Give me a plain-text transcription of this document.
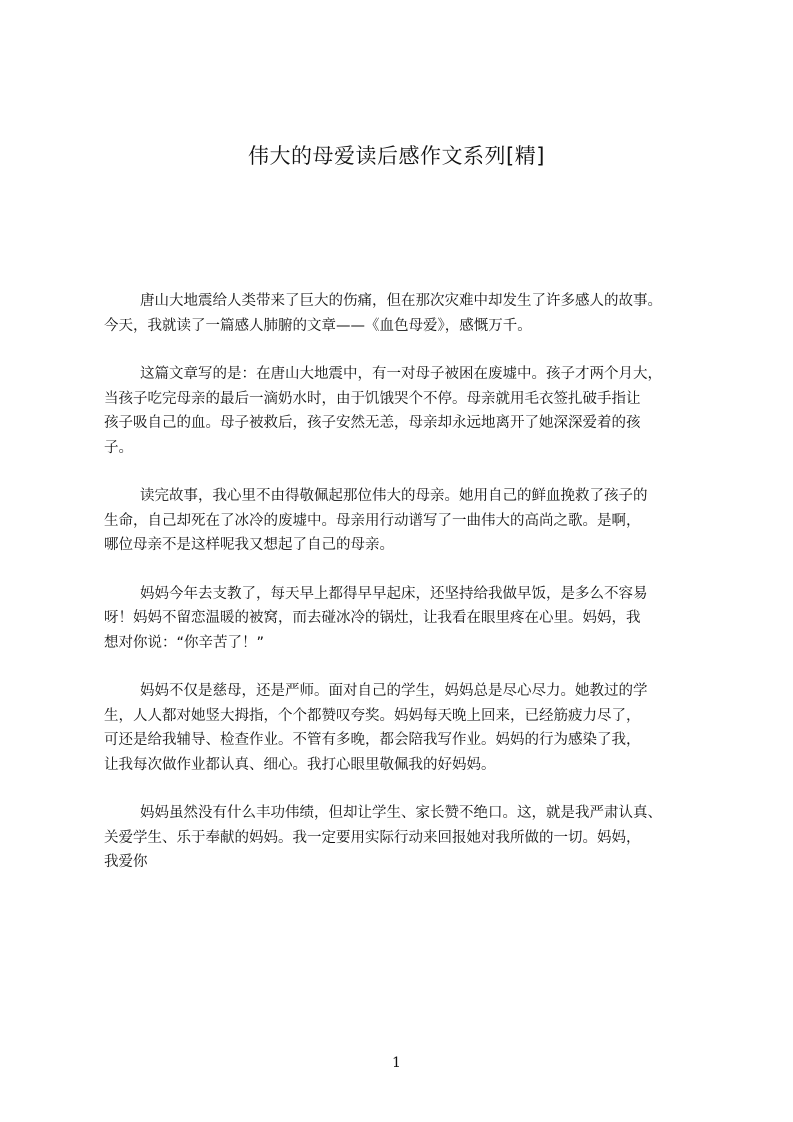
伟大的母爱读后感作文系列[精]

唐山大地震给人类带来了巨大的伤痛，但在那次灾难中却发生了许多感人的故事。
今天，我就读了一篇感人肺腑的文章——《血色母爱》，感慨万千。

这篇文章写的是：在唐山大地震中，有一对母子被困在废墟中。孩子才两个月大，
当孩子吃完母亲的最后一滴奶水时，由于饥饿哭个不停。母亲就用毛衣签扎破手指让
孩子吸自己的血。母子被救后，孩子安然无恙，母亲却永远地离开了她深深爱着的孩
子。

读完故事，我心里不由得敬佩起那位伟大的母亲。她用自己的鲜血挽救了孩子的
生命，自己却死在了冰冷的废墟中。母亲用行动谱写了一曲伟大的高尚之歌。是啊，
哪位母亲不是这样呢我又想起了自己的母亲。

妈妈今年去支教了，每天早上都得早早起床，还坚持给我做早饭，是多么不容易
呀！妈妈不留恋温暖的被窝，而去碰冰冷的锅灶，让我看在眼里疼在心里。妈妈，我
想对你说：“你辛苦了！”

妈妈不仅是慈母，还是严师。面对自己的学生，妈妈总是尽心尽力。她教过的学
生，人人都对她竖大拇指，个个都赞叹夸奖。妈妈每天晚上回来，已经筋疲力尽了，
可还是给我辅导、检查作业。不管有多晚，都会陪我写作业。妈妈的行为感染了我，
让我每次做作业都认真、细心。我打心眼里敬佩我的好妈妈。

妈妈虽然没有什么丰功伟绩，但却让学生、家长赞不绝口。这，就是我严肃认真、
关爱学生、乐于奉献的妈妈。我一定要用实际行动来回报她对我所做的一切。妈妈，
我爱你

1
